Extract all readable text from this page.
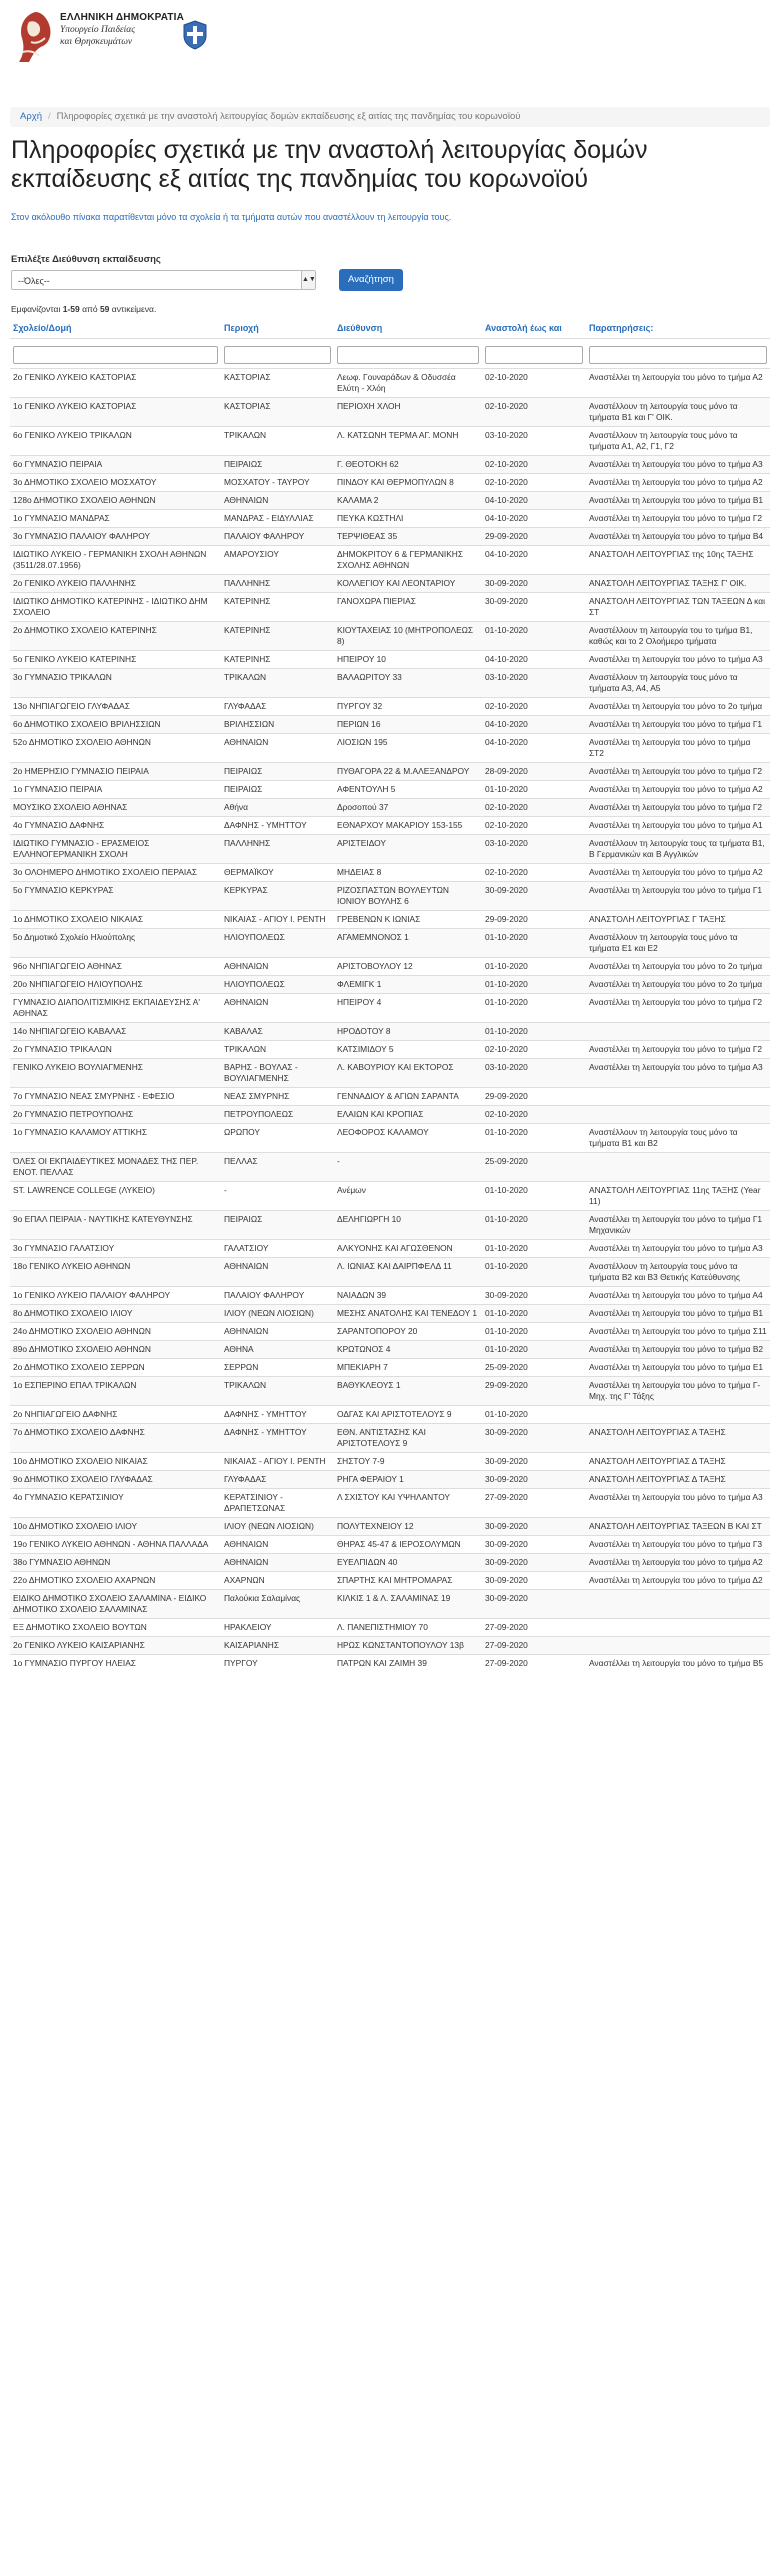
ΕΛΛΗΝΙΚΗ ΔΗΜΟΚΡΑΤΙΑ
Υπουργείο Παιδείας
και Θρησκευμάτων
Αρχή / Πληροφορίες σχετικά με την αναστολή λειτουργίας δομών εκπαίδευσης εξ αιτίας της πανδημίας του κορωνοϊού
Πληροφορίες σχετικά με την αναστολή λειτουργίας δομών εκπαίδευσης εξ αιτίας της πανδημίας του κορωνοϊού
Στον ακόλουθο πίνακα παρατίθενται μόνο τα σχολεία ή τα τμήματα αυτών που αναστέλλουν τη λειτουργία τους.
Επιλέξτε Διεύθυνση εκπαίδευσης
--Όλες--	▲▼	Αναζήτηση
Εμφανίζονται 1-59 από 59 αντικείμενα.
Σχολείο/Δομή	Περιοχή	Διεύθυνση	Αναστολή έως και	Παρατηρήσεις:

2ο ΓΕΝΙΚΟ ΛΥΚΕΙΟ ΚΑΣΤΟΡΙΑΣ	ΚΑΣΤΟΡΙΑΣ	Λεωφ. Γουναράδων & Οδυσσέα Ελύτη - Χλόη	02-10-2020	Αναστέλλει τη λειτουργία του μόνο το τμήμα Α2
1ο ΓΕΝΙΚΟ ΛΥΚΕΙΟ ΚΑΣΤΟΡΙΑΣ	ΚΑΣΤΟΡΙΑΣ	ΠΕΡΙΟΧΗ ΧΛΟΗ	02-10-2020	Αναστέλλουν τη λειτουργία τους μόνο τα τμήματα Β1 και Γ' ΟΙΚ.
6ο ΓΕΝΙΚΟ ΛΥΚΕΙΟ ΤΡΙΚΑΛΩΝ	ΤΡΙΚΑΛΩΝ	Λ. ΚΑΤΣΩΝΗ ΤΕΡΜΑ ΑΓ. ΜΟΝΗ	03-10-2020	Αναστέλλουν τη λειτουργία τους μόνο τα τμήματα Α1, Α2, Γ1, Γ2
6ο ΓΥΜΝΑΣΙΟ ΠΕΙΡΑΙΑ	ΠΕΙΡΑΙΩΣ	Γ. ΘΕΟΤΟΚΗ 62	02-10-2020	Αναστέλλει τη λειτουργία του μόνο το τμήμα Α3
3ο ΔΗΜΟΤΙΚΟ ΣΧΟΛΕΙΟ ΜΟΣΧΑΤΟΥ	ΜΟΣΧΑΤΟΥ - ΤΑΥΡΟΥ	ΠΙΝΔΟΥ ΚΑΙ ΘΕΡΜΟΠΥΛΩΝ 8	02-10-2020	Αναστέλλει τη λειτουργία του μόνο το τμήμα Α2
128ο ΔΗΜΟΤΙΚΟ ΣΧΟΛΕΙΟ ΑΘΗΝΩΝ	ΑΘΗΝΑΙΩΝ	ΚΑΛΑΜΑ 2	04-10-2020	Αναστέλλει τη λειτουργία του μόνο το τμήμα Β1
1ο ΓΥΜΝΑΣΙΟ ΜΑΝΔΡΑΣ	ΜΑΝΔΡΑΣ - ΕΙΔΥΛΛΙΑΣ	ΠΕΥΚΑ ΚΩΣΤΗΛΙ	04-10-2020	Αναστέλλει τη λειτουργία του μόνο το τμήμα Γ2
3ο ΓΥΜΝΑΣΙΟ ΠΑΛΑΙΟΥ ΦΑΛΗΡΟΥ	ΠΑΛΑΙΟΥ ΦΑΛΗΡΟΥ	ΤΕΡΨΙΘΕΑΣ 35	29-09-2020	Αναστέλλει τη λειτουργία του μόνο το τμήμα Β4
ΙΔΙΩΤΙΚΟ ΛΥΚΕΙΟ - ΓΕΡΜΑΝΙΚΗ ΣΧΟΛΗ ΑΘΗΝΩΝ (3511/28.07.1956)	ΑΜΑΡΟΥΣΙΟΥ	ΔΗΜΟΚΡΙΤΟΥ 6 & ΓΕΡΜΑΝΙΚΗΣ ΣΧΟΛΗΣ ΑΘΗΝΩΝ	04-10-2020	ΑΝΑΣΤΟΛΗ ΛΕΙΤΟΥΡΓΙΑΣ της 10ης ΤΑΞΗΣ
2ο ΓΕΝΙΚΟ ΛΥΚΕΙΟ ΠΑΛΛΗΝΗΣ	ΠΑΛΛΗΝΗΣ	ΚΟΛΛΕΓΙΟΥ ΚΑΙ ΛΕΟΝΤΑΡΙΟΥ	30-09-2020	ΑΝΑΣΤΟΛΗ ΛΕΙΤΟΥΡΓΙΑΣ ΤΑΞΗΣ Γ' ΟΙΚ.
ΙΔΙΩΤΙΚΟ ΔΗΜΟΤΙΚΟ ΚΑΤΕΡΙΝΗΣ - ΙΔΙΩΤΙΚΟ ΔΗΜ ΣΧΟΛΕΙΟ	ΚΑΤΕΡΙΝΗΣ	ΓΑΝΟΧΩΡΑ ΠΙΕΡΙΑΣ	30-09-2020	ΑΝΑΣΤΟΛΗ ΛΕΙΤΟΥΡΓΙΑΣ ΤΩΝ ΤΑΞΕΩΝ Δ και ΣΤ
2ο ΔΗΜΟΤΙΚΟ ΣΧΟΛΕΙΟ ΚΑΤΕΡΙΝΗΣ	ΚΑΤΕΡΙΝΗΣ	ΚΙΟΥΤΑΧΕΙΑΣ 10 (ΜΗΤΡΟΠΟΛΕΩΣ 8)	01-10-2020	Αναστέλλουν τη λειτουργία του το τμήμα Β1, καθώς και το 2 Ολοήμερο τμήματα
5ο ΓΕΝΙΚΟ ΛΥΚΕΙΟ ΚΑΤΕΡΙΝΗΣ	ΚΑΤΕΡΙΝΗΣ	ΗΠΕΙΡΟΥ 10	04-10-2020	Αναστέλλει τη λειτουργία του μόνο το τμήμα Α3
3ο ΓΥΜΝΑΣΙΟ ΤΡΙΚΑΛΩΝ	ΤΡΙΚΑΛΩΝ	ΒΑΛΑΩΡΙΤΟΥ 33	03-10-2020	Αναστέλλουν τη λειτουργία τους μόνο τα τμήματα Α3, Α4, Α5
13ο ΝΗΠΙΑΓΩΓΕΙΟ ΓΛΥΦΑΔΑΣ	ΓΛΥΦΑΔΑΣ	ΠΥΡΓΟΥ 32	02-10-2020	Αναστέλλει τη λειτουργία του μόνο το 2ο τμήμα
6ο ΔΗΜΟΤΙΚΟ ΣΧΟΛΕΙΟ ΒΡΙΛΗΣΣΙΩΝ	ΒΡΙΛΗΣΣΙΩΝ	ΠΕΡΙΩΝ 16	04-10-2020	Αναστέλλει τη λειτουργία του μόνο το τμήμα Γ1
52ο ΔΗΜΟΤΙΚΟ ΣΧΟΛΕΙΟ ΑΘΗΝΩΝ	ΑΘΗΝΑΙΩΝ	ΛΙΟΣΙΩΝ 195	04-10-2020	Αναστέλλει τη λειτουργία του μόνο το τμήμα ΣΤ2
2ο ΗΜΕΡΗΣΙΟ ΓΥΜΝΑΣΙΟ ΠΕΙΡΑΙΑ	ΠΕΙΡΑΙΩΣ	ΠΥΘΑΓΟΡΑ 22 & Μ.ΑΛΕΞΑΝΔΡΟΥ	28-09-2020	Αναστέλλει τη λειτουργία του μόνο το τμήμα Γ2
1ο ΓΥΜΝΑΣΙΟ ΠΕΙΡΑΙΑ	ΠΕΙΡΑΙΩΣ	ΑΦΕΝΤΟΥΛΗ 5	01-10-2020	Αναστέλλει τη λειτουργία του μόνο το τμήμα Α2
ΜΟΥΣΙΚΟ ΣΧΟΛΕΙΟ ΑΘΗΝΑΣ	Αθήνα	Δροσοπού 37	02-10-2020	Αναστέλλει τη λειτουργία του μόνο το τμήμα Γ2
4ο ΓΥΜΝΑΣΙΟ ΔΑΦΝΗΣ	ΔΑΦΝΗΣ - ΥΜΗΤΤΟΥ	ΕΘΝΑΡΧΟΥ ΜΑΚΑΡΙΟΥ 153-155	02-10-2020	Αναστέλλει τη λειτουργία του μόνο το τμήμα Α1
ΙΔΙΩΤΙΚΟ ΓΥΜΝΑΣΙΟ - ΕΡΑΣΜΕΙΟΣ ΕΛΛΗΝΟΓΕΡΜΑΝΙΚΗ ΣΧΟΛΗ	ΠΑΛΛΗΝΗΣ	ΑΡΙΣΤΕΙΔΟΥ	03-10-2020	Αναστέλλουν τη λειτουργία τους τα τμήματα Β1, Β Γερμανικών και Β Αγγλικών
3ο ΟΛΟΗΜΕΡΟ ΔΗΜΟΤΙΚΟ ΣΧΟΛΕΙΟ ΠΕΡΑΙΑΣ	ΘΕΡΜΑΪΚΟΥ	ΜΗΔΕΙΑΣ 8	02-10-2020	Αναστέλλει τη λειτουργία του μόνο το τμήμα Α2
5ο ΓΥΜΝΑΣΙΟ ΚΕΡΚΥΡΑΣ	ΚΕΡΚΥΡΑΣ	ΡΙΖΟΣΠΑΣΤΩΝ ΒΟΥΛΕΥΤΩΝ ΙΟΝΙΟΥ ΒΟΥΛΗΣ 6	30-09-2020	Αναστέλλει τη λειτουργία του μόνο το τμήμα Γ1
1ο ΔΗΜΟΤΙΚΟ ΣΧΟΛΕΙΟ ΝΙΚΑΙΑΣ	ΝΙΚΑΙΑΣ - ΑΓΙΟΥ Ι. ΡΕΝΤΗ	ΓΡΕΒΕΝΩΝ Κ ΙΩΝΙΑΣ	29-09-2020	ΑΝΑΣΤΟΛΗ ΛΕΙΤΟΥΡΓΙΑΣ Γ ΤΑΞΗΣ
5ο Δημοτικό Σχολείο Ηλιούπολης	ΗΛΙΟΥΠΟΛΕΩΣ	ΑΓΑΜΕΜΝΟΝΟΣ 1	01-10-2020	Αναστέλλουν τη λειτουργία τους μόνο τα τμήματα Ε1 και Ε2
96ο ΝΗΠΙΑΓΩΓΕΙΟ ΑΘΗΝΑΣ	ΑΘΗΝΑΙΩΝ	ΑΡΙΣΤΟΒΟΥΛΟΥ 12	01-10-2020	Αναστέλλει τη λειτουργία του μόνο το 2ο τμήμα
20ο ΝΗΠΙΑΓΩΓΕΙΟ ΗΛΙΟΥΠΟΛΗΣ	ΗΛΙΟΥΠΟΛΕΩΣ	ΦΛΕΜΙΓΚ 1	01-10-2020	Αναστέλλει τη λειτουργία του μόνο το 2ο τμήμα
ΓΥΜΝΑΣΙΟ ΔΙΑΠΟΛΙΤΙΣΜΙΚΗΣ ΕΚΠΑΙΔΕΥΣΗΣ Α' ΑΘΗΝΑΣ	ΑΘΗΝΑΙΩΝ	ΗΠΕΙΡΟΥ 4	01-10-2020	Αναστέλλει τη λειτουργία του μόνο το τμήμα Γ2
14ο ΝΗΠΙΑΓΩΓΕΙΟ ΚΑΒΑΛΑΣ	ΚΑΒΑΛΑΣ	ΗΡΟΔΟΤΟΥ 8	01-10-2020	
2ο ΓΥΜΝΑΣΙΟ ΤΡΙΚΑΛΩΝ	ΤΡΙΚΑΛΩΝ	ΚΑΤΣΙΜΙΔΟΥ 5	02-10-2020	Αναστέλλει τη λειτουργία του μόνο το τμήμα Γ2
ΓΕΝΙΚΟ ΛΥΚΕΙΟ ΒΟΥΛΙΑΓΜΕΝΗΣ	ΒΑΡΗΣ - ΒΟΥΛΑΣ - ΒΟΥΛΙΑΓΜΕΝΗΣ	Λ. ΚΑΒΟΥΡΙΟΥ ΚΑΙ ΕΚΤΟΡΟΣ	03-10-2020	Αναστέλλει τη λειτουργία του μόνο το τμήμα Α3
7ο ΓΥΜΝΑΣΙΟ ΝΕΑΣ ΣΜΥΡΝΗΣ - ΕΦΕΣΙΟ	ΝΕΑΣ ΣΜΥΡΝΗΣ	ΓΕΝΝΑΔΙΟΥ & ΑΓΙΩΝ ΣΑΡΑΝΤΑ	29-09-2020	
2ο ΓΥΜΝΑΣΙΟ ΠΕΤΡΟΥΠΟΛΗΣ	ΠΕΤΡΟΥΠΟΛΕΩΣ	ΕΛΑΙΩΝ ΚΑΙ ΚΡΟΠΙΑΣ	02-10-2020	
1ο ΓΥΜΝΑΣΙΟ ΚΑΛΑΜΟΥ ΑΤΤΙΚΗΣ	ΩΡΩΠΟΥ	ΛΕΟΦΟΡΟΣ ΚΑΛΑΜΟΥ	01-10-2020	Αναστέλλουν τη λειτουργία τους μόνο τα τμήματα Β1 και Β2
ΌΛΕΣ ΟΙ ΕΚΠΑΙΔΕΥΤΙΚΕΣ ΜΟΝΑΔΕΣ ΤΗΣ ΠΕΡ. ΕΝΟΤ. ΠΕΛΛΑΣ	ΠΕΛΛΑΣ	-	25-09-2020	
ST. LAWRENCE COLLEGE (ΛΥΚΕΙΟ)	-	Ανέμων	01-10-2020	ΑΝΑΣΤΟΛΗ ΛΕΙΤΟΥΡΓΙΑΣ 11ης ΤΑΞΗΣ (Year 11)
9ο ΕΠΑΛ ΠΕΙΡΑΙΑ - ΝΑΥΤΙΚΗΣ ΚΑΤΕΥΘΥΝΣΗΣ	ΠΕΙΡΑΙΩΣ	ΔΕΛΗΓΙΩΡΓΗ 10	01-10-2020	Αναστέλλει τη λειτουργία του μόνο το τμήμα Γ1 Μηχανικών
3ο ΓΥΜΝΑΣΙΟ ΓΑΛΑΤΣΙΟΥ	ΓΑΛΑΤΣΙΟΥ	ΑΛΚΥΟΝΗΣ ΚΑΙ ΑΓΩΣΘΕΝΟΝ	01-10-2020	Αναστέλλει τη λειτουργία του μόνο το τμήμα Α3
18ο ΓΕΝΙΚΟ ΛΥΚΕΙΟ ΑΘΗΝΩΝ	ΑΘΗΝΑΙΩΝ	Λ. ΙΩΝΙΑΣ ΚΑΙ ΔΑΙΡΠΦΕΛΔ 11	01-10-2020	Αναστέλλουν τη λειτουργία τους μόνο τα τμήματα Β2 και Β3 Θετικής Κατεύθυνσης
1ο ΓΕΝΙΚΟ ΛΥΚΕΙΟ ΠΑΛΑΙΟΥ ΦΑΛΗΡΟΥ	ΠΑΛΑΙΟΥ ΦΑΛΗΡΟΥ	ΝΑΙΑΔΩΝ 39	30-09-2020	Αναστέλλει τη λειτουργία του μόνο το τμήμα Α4
8ο ΔΗΜΟΤΙΚΟ ΣΧΟΛΕΙΟ ΙΛΙΟΥ	ΙΛΙΟΥ (ΝΕΩΝ ΛΙΟΣΙΩΝ)	ΜΕΣΗΣ ΑΝΑΤΟΛΗΣ ΚΑΙ ΤΕΝΕΔΟΥ 1	01-10-2020	Αναστέλλει τη λειτουργία του μόνο το τμήμα Β1
24ο ΔΗΜΟΤΙΚΟ ΣΧΟΛΕΙΟ ΑΘΗΝΩΝ	ΑΘΗΝΑΙΩΝ	ΣΑΡΑΝΤΟΠΟΡΟΥ 20	01-10-2020	Αναστέλλει τη λειτουργία του μόνο το τμήμα Σ11
89ο ΔΗΜΟΤΙΚΟ ΣΧΟΛΕΙΟ ΑΘΗΝΩΝ	ΑΘΗΝΑ	ΚΡΩΤΩΝΟΣ 4	01-10-2020	Αναστέλλει τη λειτουργία του μόνο το τμήμα Β2
2ο ΔΗΜΟΤΙΚΟ ΣΧΟΛΕΙΟ ΣΕΡΡΩΝ	ΣΕΡΡΩΝ	ΜΠΕΚΙΑΡΗ 7	25-09-2020	Αναστέλλει τη λειτουργία του μόνο το τμήμα Ε1
1ο ΕΣΠΕΡΙΝΟ ΕΠΑΛ ΤΡΙΚΑΛΩΝ	ΤΡΙΚΑΛΩΝ	ΒΑΘΥΚΛΕΟΥΣ 1	29-09-2020	Αναστέλλει τη λειτουργία του μόνο το τμήμα Γ-Μηχ. της Γ' Τάξης
2ο ΝΗΠΙΑΓΩΓΕΙΟ ΔΑΦΝΗΣ	ΔΑΦΝΗΣ - ΥΜΗΤΤΟΥ	ΟΔΓΑΣ ΚΑΙ ΑΡΙΣΤΟΤΕΛΟΥΣ 9	01-10-2020	
7ο ΔΗΜΟΤΙΚΟ ΣΧΟΛΕΙΟ ΔΑΦΝΗΣ	ΔΑΦΝΗΣ - ΥΜΗΤΤΟΥ	ΕΘΝ. ΑΝΤΙΣΤΑΣΗΣ ΚΑΙ ΑΡΙΣΤΟΤΕΛΟΥΣ 9	30-09-2020	ΑΝΑΣΤΟΛΗ ΛΕΙΤΟΥΡΓΙΑΣ Α ΤΑΞΗΣ
10ο ΔΗΜΟΤΙΚΟ ΣΧΟΛΕΙΟ ΝΙΚΑΙΑΣ	ΝΙΚΑΙΑΣ - ΑΓΙΟΥ Ι. ΡΕΝΤΗ	ΣΗΣΤΟΥ 7-9	30-09-2020	ΑΝΑΣΤΟΛΗ ΛΕΙΤΟΥΡΓΙΑΣ Δ ΤΑΞΗΣ
9ο ΔΗΜΟΤΙΚΟ ΣΧΟΛΕΙΟ ΓΛΥΦΑΔΑΣ	ΓΛΥΦΑΔΑΣ	ΡΗΓΑ ΦΕΡΑΙΟΥ 1	30-09-2020	ΑΝΑΣΤΟΛΗ ΛΕΙΤΟΥΡΓΙΑΣ Δ ΤΑΞΗΣ
4ο ΓΥΜΝΑΣΙΟ ΚΕΡΑΤΣΙΝΙΟΥ	ΚΕΡΑΤΣΙΝΙΟΥ - ΔΡΑΠΕΤΣΩΝΑΣ	Λ ΣΧΙΣΤΟΥ ΚΑΙ ΥΨΗΛΑΝΤΟΥ	27-09-2020	Αναστέλλει τη λειτουργία του μόνο το τμήμα Α3
10ο ΔΗΜΟΤΙΚΟ ΣΧΟΛΕΙΟ ΙΛΙΟΥ	ΙΛΙΟΥ (ΝΕΩΝ ΛΙΟΣΙΩΝ)	ΠΟΛΥΤΕΧΝΕΙΟΥ 12	30-09-2020	ΑΝΑΣΤΟΛΗ ΛΕΙΤΟΥΡΓΙΑΣ ΤΑΞΕΩΝ Β ΚΑΙ ΣΤ
19ο ΓΕΝΙΚΟ ΛΥΚΕΙΟ ΑΘΗΝΩΝ - ΑΘΗΝΑ ΠΑΛΛΑΔΑ	ΑΘΗΝΑΙΩΝ	ΘΗΡΑΣ 45-47 & ΙΕΡΟΣΟΛΥΜΩΝ	30-09-2020	Αναστέλλει τη λειτουργία του μόνο το τμήμα Γ3
38ο ΓΥΜΝΑΣΙΟ ΑΘΗΝΩΝ	ΑΘΗΝΑΙΩΝ	ΕΥΕΛΠΙΔΩΝ 40	30-09-2020	Αναστέλλει τη λειτουργία του μόνο το τμήμα Α2
22ο ΔΗΜΟΤΙΚΟ ΣΧΟΛΕΙΟ ΑΧΑΡΝΩΝ	ΑΧΑΡΝΩΝ	ΣΠΑΡΤΗΣ ΚΑΙ ΜΗΤΡΟΜΑΡΑΣ	30-09-2020	Αναστέλλει τη λειτουργία του μόνο το τμήμα Δ2
ΕΙΔΙΚΟ ΔΗΜΟΤΙΚΟ ΣΧΟΛΕΙΟ ΣΑΛΑΜΙΝΑ - ΕΙΔΙΚΟ ΔΗΜΟΤΙΚΟ ΣΧΟΛΕΙΟ ΣΑΛΑΜΙΝΑΣ	Παλούκια Σαλαμίνας	ΚΙΛΚΙΣ 1 & Λ. ΣΑΛΑΜΙΝΑΣ 19	30-09-2020	
ΕΞ ΔΗΜΟΤΙΚΟ ΣΧΟΛΕΙΟ ΒΟΥΤΩΝ	ΗΡΑΚΛΕΙΟΥ	Λ. ΠΑΝΕΠΙΣΤΗΜΙΟΥ 70	27-09-2020	
2ο ΓΕΝΙΚΟ ΛΥΚΕΙΟ ΚΑΙΣΑΡΙΑΝΗΣ	ΚΑΙΣΑΡΙΑΝΗΣ	ΗΡΩΣ ΚΩΝΣΤΑΝΤΟΠΟΥΛΟΥ 13β	27-09-2020	
1ο ΓΥΜΝΑΣΙΟ ΠΥΡΓΟΥ ΗΛΕΙΑΣ	ΠΥΡΓΟΥ	ΠΑΤΡΩΝ ΚΑΙ ΖΑΙΜΗ 39	27-09-2020	Αναστέλλει τη λειτουργία του μόνο το τμήμα Β5
